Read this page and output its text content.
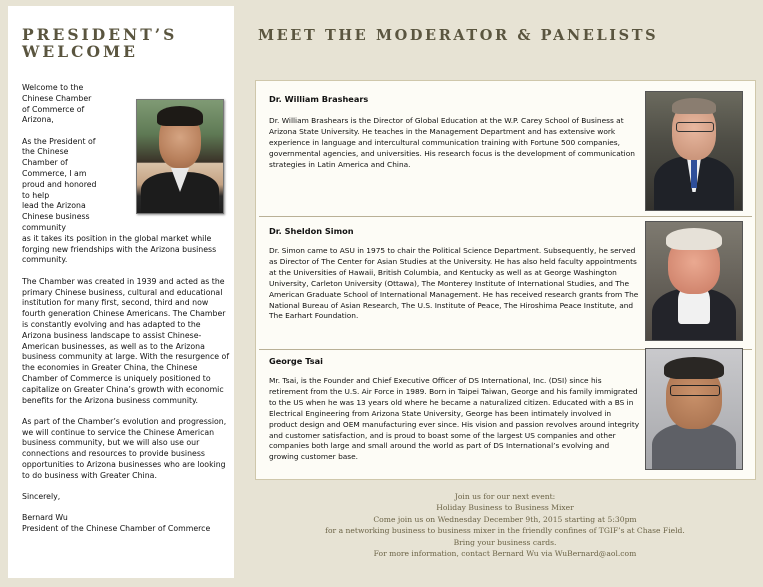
PRESIDENT’S
WELCOME

Welcome to the
Chinese Chamber
of Commerce of
Arizona,

As the President of
the Chinese
Chamber of
Commerce, I am
proud and honored
to help
lead the Arizona
Chinese business community
as it takes its position in the global market while
forging new friendships with the Arizona business
community.

The Chamber was created in 1939 and acted as the primary Chinese business, cultural and educational institution for many first, second, third and now fourth generation Chinese Americans. The Chamber is constantly evolving and has adapted to the Arizona business landscape to assist Chinese-American businesses, as well as to the Arizona business community at large. With the resurgence of the economies in Greater China, the Chinese Chamber of Commerce is uniquely positioned to capitalize on Greater China’s growth with economic benefits for the Arizona business community.

As part of the Chamber’s evolution and progression, we will continue to service the Chinese American business community, but we will also use our connections and resources to provide business opportunities to Arizona businesses who are looking to do business with Greater China.

Sincerely,

Bernard Wu
President of the Chinese Chamber of Commerce

MEET THE MODERATOR & PANELISTS
Dr. William Brashears

Dr. William Brashears is the Director of Global Education at the W.P. Carey School of Business at Arizona State University. He teaches in the Management Department and has extensive work experience in language and intercultural communication training with Fortune 500 companies, governmental agencies, and universities. His research focus is the development of communication strategies in Latin America and China.

Dr. Sheldon Simon

Dr. Simon came to ASU in 1975 to chair the Political Science Department. Subsequently, he served as Director of The Center for Asian Studies at the University. He has also held faculty appointments at the Universities of Hawaii, British Columbia, and Kentucky as well as at George Washington University, Carleton University (Ottawa), The Monterey Institute of International Studies, and The American Graduate School of International Management. He has received research grants from The National Bureau of Asian Research, The U.S. Institute of Peace, The Hiroshima Peace Institute, and The Earhart Foundation.

George Tsai

Mr. Tsai, is the Founder and Chief Executive Officer of DS International, Inc. (DSI) since his retirement from the U.S. Air Force in 1989. Born in Taipei Taiwan, George and his family immigrated to the US when he was 13 years old where he became a naturalized citizen. Educated with a BS in Electrical Engineering from Arizona State University, George has been intimately involved in product design and OEM manufacturing ever since. His vision and passion revolves around integrity and customer satisfaction, and is proud to boast some of the largest US companies and other companies both large and small around the world as part of DS International’s evolving and growing customer base.

Join us for our next event:
Holiday Business to Business Mixer
Come join us on Wednesday December 9th, 2015 starting at 5:30pm
for a networking business to business mixer in the friendly confines of TGIF’s at Chase Field.
Bring your business cards.
For more information, contact Bernard Wu via WuBernard@aol.com
